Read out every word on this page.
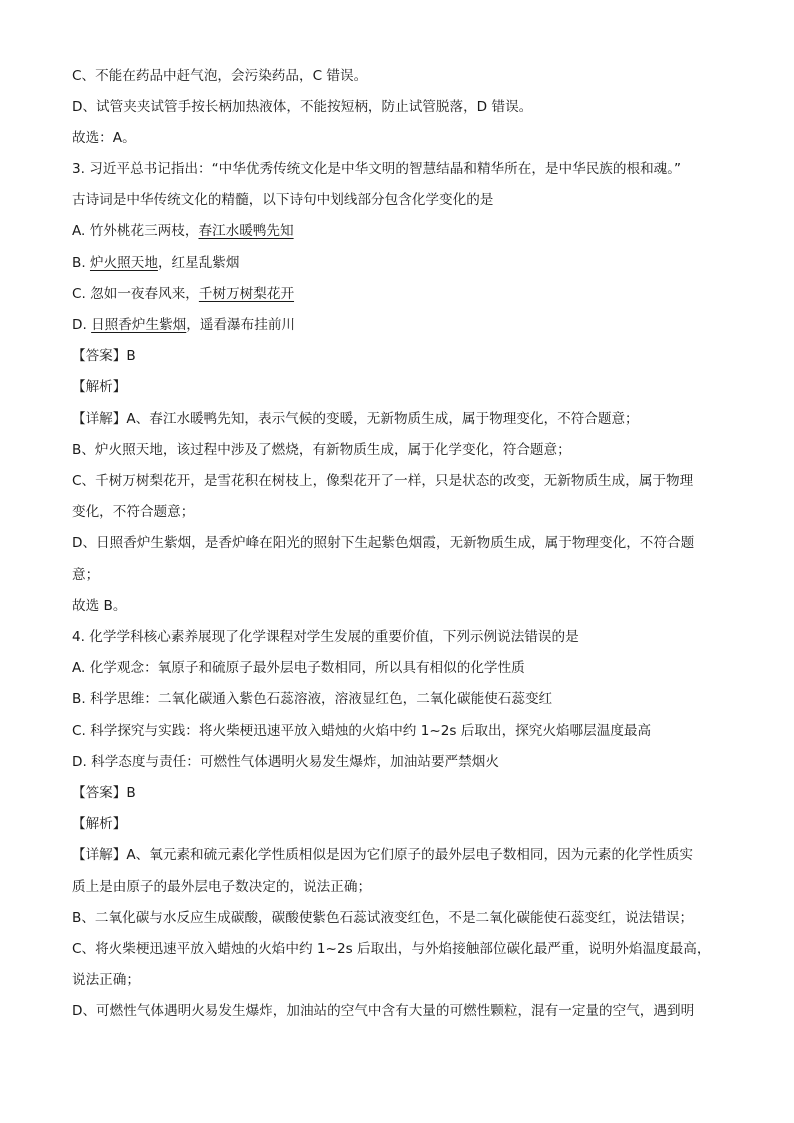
C、不能在药品中赶气泡，会污染药品，C 错误。
D、试管夹夹试管手按长柄加热液体，不能按短柄，防止试管脱落，D 错误。
故选：A。
3. 习近平总书记指出：“中华优秀传统文化是中华文明的智慧结晶和精华所在，是中华民族的根和魂。”
古诗词是中华传统文化的精髓，以下诗句中划线部分包含化学变化的是
A. 竹外桃花三两枝，春江水暖鸭先知
B. 炉火照天地，红星乱紫烟
C. 忽如一夜春风来，千树万树梨花开
D. 日照香炉生紫烟，遥看瀑布挂前川
【答案】B
【解析】
【详解】A、春江水暖鸭先知，表示气候的变暖，无新物质生成，属于物理变化，不符合题意；
B、炉火照天地，该过程中涉及了燃烧，有新物质生成，属于化学变化，符合题意；
C、千树万树梨花开，是雪花积在树枝上，像梨花开了一样，只是状态的改变，无新物质生成，属于物理
变化，不符合题意；
D、日照香炉生紫烟，是香炉峰在阳光的照射下生起紫色烟霞，无新物质生成，属于物理变化，不符合题
意；
故选 B。
4. 化学学科核心素养展现了化学课程对学生发展的重要价值，下列示例说法错误的是
A. 化学观念：氧原子和硫原子最外层电子数相同，所以具有相似的化学性质
B. 科学思维：二氧化碳通入紫色石蕊溶液，溶液显红色，二氧化碳能使石蕊变红
C. 科学探究与实践：将火柴梗迅速平放入蜡烛的火焰中约 1~2s 后取出，探究火焰哪层温度最高
D. 科学态度与责任：可燃性气体遇明火易发生爆炸，加油站要严禁烟火
【答案】B
【解析】
【详解】A、氧元素和硫元素化学性质相似是因为它们原子的最外层电子数相同，因为元素的化学性质实
质上是由原子的最外层电子数决定的，说法正确；
B、二氧化碳与水反应生成碳酸，碳酸使紫色石蕊试液变红色，不是二氧化碳能使石蕊变红，说法错误；
C、将火柴梗迅速平放入蜡烛的火焰中约 1~2s 后取出，与外焰接触部位碳化最严重，说明外焰温度最高，
说法正确；
D、可燃性气体遇明火易发生爆炸，加油站的空气中含有大量的可燃性颗粒，混有一定量的空气，遇到明
